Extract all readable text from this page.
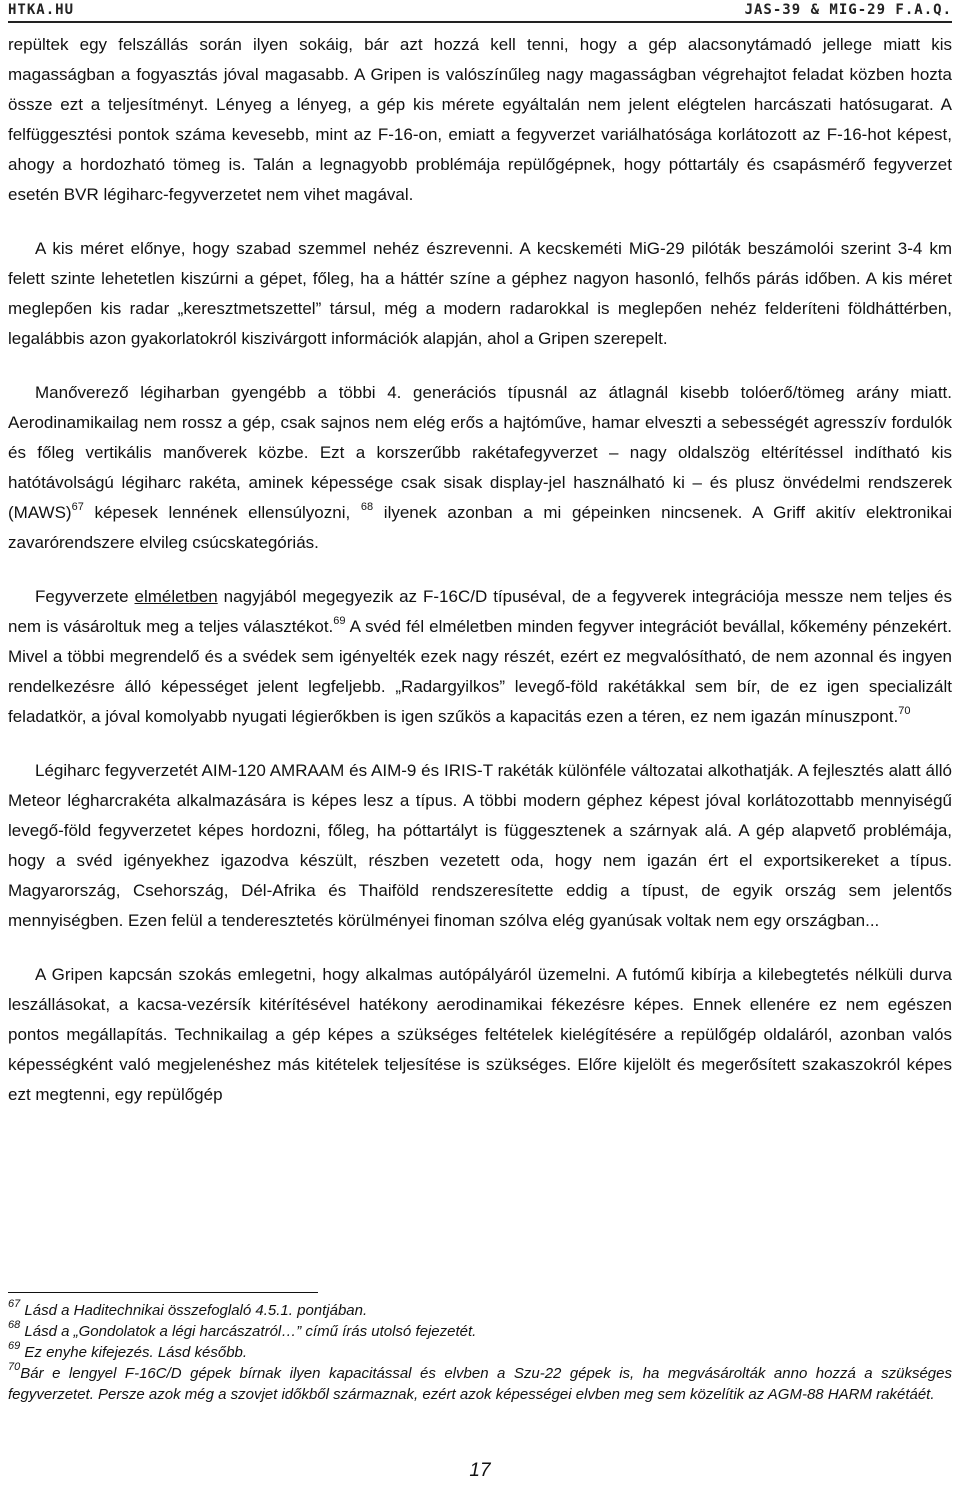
HTKA.HU	JAS-39 & MIG-29 F.A.Q.

repültek egy felszállás során ilyen sokáig, bár azt hozzá kell tenni, hogy a gép alacsonytámadó jellege miatt kis magasságban a fogyasztás jóval magasabb. A Gripen is valószínűleg nagy magasságban végrehajtot feladat közben hozta össze ezt a teljesítményt. Lényeg a lényeg, a gép kis mérete egyáltalán nem jelent elégtelen harcászati hatósugarat. A felfüggesztési pontok száma kevesebb, mint az F-16-on, emiatt a fegyverzet variálhatósága korlátozott az F-16-hot képest, ahogy a hordozható tömeg is. Talán a legnagyobb problémája repülőgépnek, hogy póttartály és csapásmérő fegyverzet esetén BVR légiharc-fegyverzetet nem vihet magával.

A kis méret előnye, hogy szabad szemmel nehéz észrevenni. A kecskeméti MiG-29 pilóták beszámolói szerint 3-4 km felett szinte lehetetlen kiszúrni a gépet, főleg, ha a háttér színe a géphez nagyon hasonló, felhős párás időben. A kis méret meglepően kis radar „keresztmetszettel” társul, még a modern radarokkal is meglepően nehéz felderíteni földháttérben, legalábbis azon gyakorlatokról kiszivárgott információk alapján, ahol a Gripen szerepelt.

Manőverező légiharban gyengébb a többi 4. generációs típusnál az átlagnál kisebb tolóerő/tömeg arány miatt. Aerodinamikailag nem rossz a gép, csak sajnos nem elég erős a hajtóműve, hamar elveszti a sebességét agresszív fordulók és főleg vertikális manőverek közbe. Ezt a korszerűbb rakétafegyverzet – nagy oldalszög eltérítéssel indítható kis hatótávolságú légiharc rakéta, aminek képessége csak sisak display-jel használható ki – és plusz önvédelmi rendszerek (MAWS)$^{67}$ képesek lennének ellensúlyozni, $^{68}$ ilyenek azonban a mi gépeinken nincsenek. A Griff akitív elektronikai zavarórendszere elvileg csúcskategóriás.

Fegyverzete elméletben nagyjából megegyezik az F-16C/D típuséval, de a fegyverek integrációja messze nem teljes és nem is vásároltuk meg a teljes választékot.$^{69}$ A svéd fél elméletben minden fegyver integrációt bevállal, kőkemény pénzekért. Mivel a többi megrendelő és a svédek sem igényelték ezek nagy részét, ezért ez megvalósítható, de nem azonnal és ingyen rendelkezésre álló képességet jelent legfeljebb. „Radargyilkos” levegő-föld rakétákkal sem bír, de ez igen specializált feladatkör, a jóval komolyabb nyugati légierőkben is igen szűkös a kapacitás ezen a téren, ez nem igazán mínuszpont.$^{70}$

Légiharc fegyverzetét AIM-120 AMRAAM és AIM-9 és IRIS-T rakéták különféle változatai alkothatják. A fejlesztés alatt álló Meteor légharcrakéta alkalmazására is képes lesz a típus. A többi modern géphez képest jóval korlátozottabb mennyiségű levegő-föld fegyverzetet képes hordozni, főleg, ha póttartályt is függesztenek a szárnyak alá. A gép alapvető problémája, hogy a svéd igényekhez igazodva készült, részben vezetett oda, hogy nem igazán ért el exportsikereket a típus. Magyarország, Csehország, Dél-Afrika és Thaiföld rendszeresítette eddig a típust, de egyik ország sem jelentős mennyiségben. Ezen felül a tenderesztetés körülményei finoman szólva elég gyanúsak voltak nem egy országban...

A Gripen kapcsán szokás emlegetni, hogy alkalmas autópályáról üzemelni. A futómű kibírja a kilebegtetés nélküli durva leszállásokat, a kacsa-vezérsík kitérítésével hatékony aerodinamikai fékezésre képes. Ennek ellenére ez nem egészen pontos megállapítás. Technikailag a gép képes a szükséges feltételek kielégítésére a repülőgép oldaláról, azonban valós képességként való megjelenéshez más kitételek teljesítése is szükséges. Előre kijelölt és megerősített szakaszokról képes ezt megtenni, egy repülőgép

$^{67}$ Lásd a Haditechnikai összefoglaló 4.5.1. pontjában.

$^{68}$ Lásd a „Gondolatok a légi harcászatról…” című írás utolsó fejezetét.

$^{69}$ Ez enyhe kifejezés. Lásd később.

$^{70}$Bár e lengyel F-16C/D gépek bírnak ilyen kapacitással és elvben a Szu-22 gépek is, ha megvásárolták anno hozzá a szükséges fegyverzetet. Persze azok még a szovjet időkből származnak, ezért azok képességei elvben meg sem közelítik az AGM-88 HARM rakétáét.

17
